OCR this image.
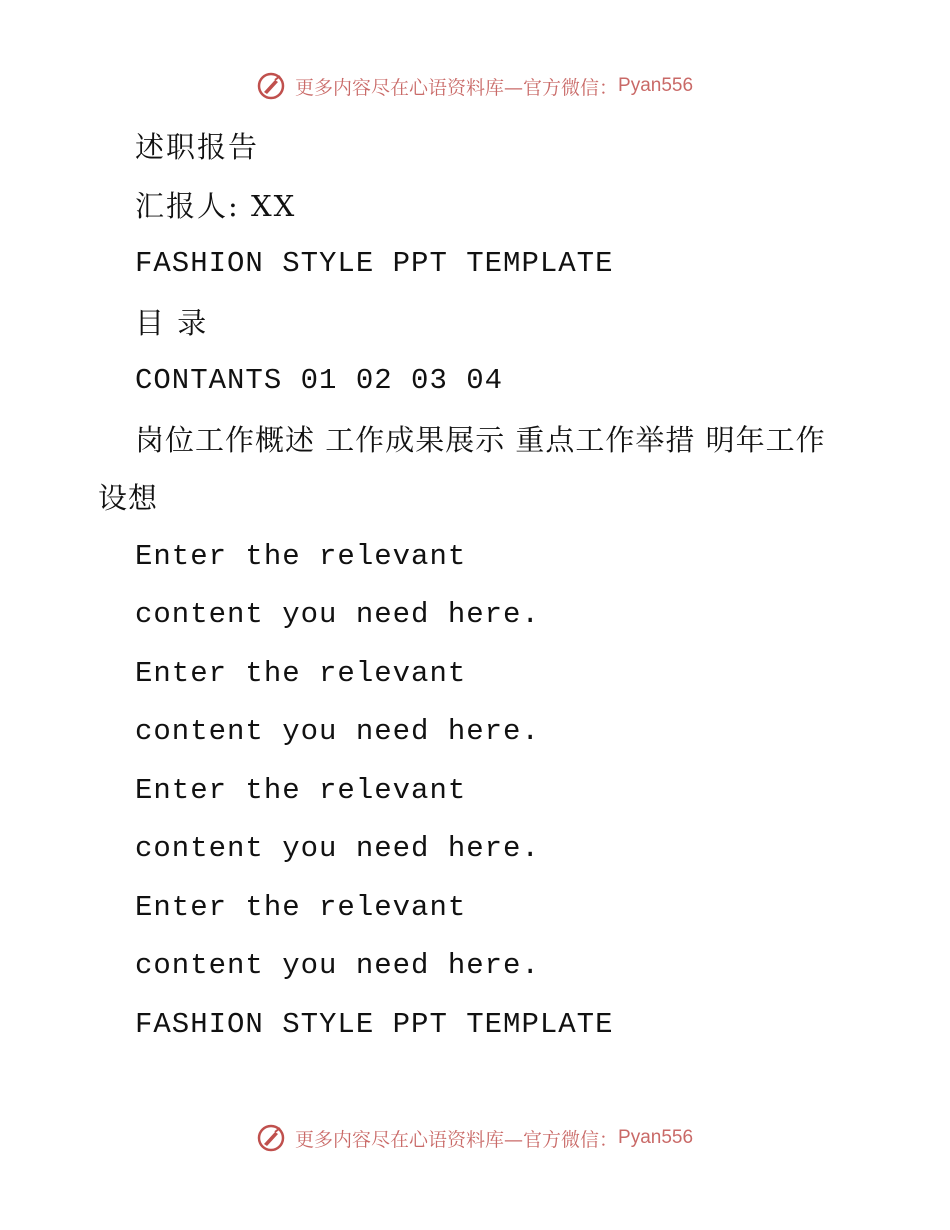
更多内容尽在心语资料库—官方微信：Pyan556
述职报告
汇报人: XX
FASHION STYLE PPT TEMPLATE
目 录
CONTANTS 01 02 03 04
岗位工作概述 工作成果展示 重点工作举措 明年工作设想
Enter the relevant
content you need here.
Enter the relevant
content you need here.
Enter the relevant
content you need here.
Enter the relevant
content you need here.
FASHION STYLE PPT TEMPLATE
更多内容尽在心语资料库—官方微信：Pyan556
